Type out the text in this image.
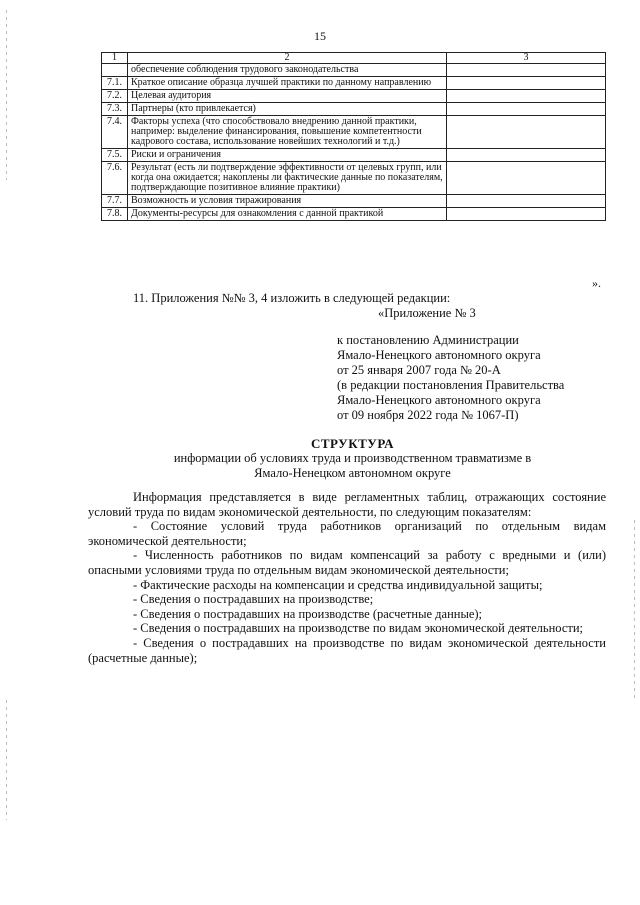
15
1	2	3
	обеспечение соблюдения трудового законодательства	
7.1.	Краткое описание образца лучшей практики по данному направлению	
7.2.	Целевая аудитория	
7.3.	Партнеры (кто привлекается)	
7.4.	Факторы успеха (что способствовало внедрению данной практики, например: выделение финансирования, повышение компетентности кадрового состава, использование новейших технологий и т.д.)	
7.5.	Риски и ограничения	
7.6.	Результат (есть ли подтверждение эффективности от целевых групп, или когда она ожидается; накоплены ли фактические данные по показателям, подтверждающие позитивное влияние практики)	
7.7.	Возможность и условия тиражирования	
7.8.	Документы-ресурсы для ознакомления с данной практикой	
».
11. Приложения №№ 3, 4 изложить в следующей редакции:
«Приложение № 3
к постановлению Администрации
Ямало-Ненецкого автономного округа
от 25 января 2007 года № 20-А
(в редакции постановления Правительства
Ямало-Ненецкого автономного округа
от 09 ноября 2022 года № 1067-П)
СТРУКТУРА
информации об условиях труда и производственном травматизме в
Ямало-Ненецком автономном округе

Информация представляется в виде регламентных таблиц, отражающих состояние условий труда по видам экономической деятельности, по следующим показателям:

- Состояние условий труда работников организаций по отдельным видам экономической деятельности;

- Численность работников по видам компенсаций за работу с вредными и (или) опасными условиями труда по отдельным видам экономической деятельности;

- Фактические расходы на компенсации и средства индивидуальной защиты;

- Сведения о пострадавших на производстве;

- Сведения о пострадавших на производстве (расчетные данные);

- Сведения о пострадавших на производстве по видам экономической деятельности;

- Сведения о пострадавших на производстве по видам экономической деятельности (расчетные данные);
